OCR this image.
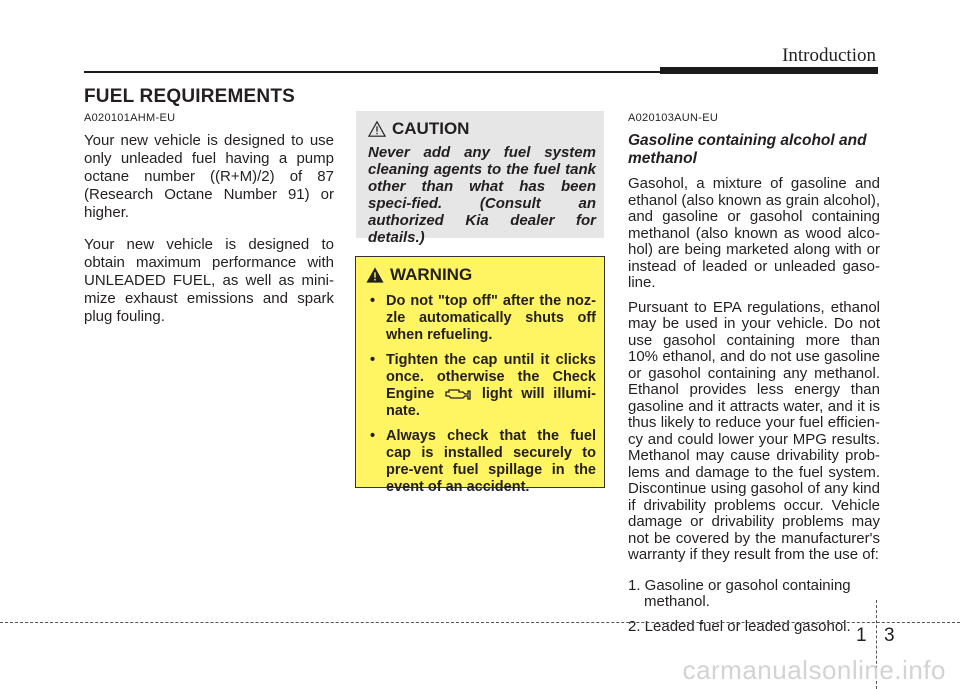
Introduction
FUEL REQUIREMENTS
A020101AHM-EU

Your new vehicle is designed to use only unleaded fuel having a pump octane number ((R+M)/2) of 87 (Research Octane Number 91) or higher.

Your new vehicle is designed to obtain maximum performance with UNLEADED FUEL, as well as mini-mize exhaust emissions and spark plug fouling.

CAUTION
Never add any fuel system cleaning agents to the fuel tank other than what has been speci-fied. (Consult an authorized Kia dealer for details.)
WARNING
• Do not "top off" after the noz-zle automatically shuts off when refueling.
• Tighten the cap until it clicks once. otherwise the Check Engine	light will illumi-nate.
• Always check that the fuel cap is installed securely to pre-vent fuel spillage in the event of an accident.
A020103AUN-EU
Gasoline containing alcohol and methanol

Gasohol, a mixture of gasoline and ethanol (also known as grain alcohol), and gasoline or gasohol containing methanol (also known as wood alco-hol) are being marketed along with or instead of leaded or unleaded gaso-line.

Pursuant to EPA regulations, ethanol may be used in your vehicle. Do not use gasohol containing more than 10% ethanol, and do not use gasoline or gasohol containing any methanol. Ethanol provides less energy than gasoline and it attracts water, and it is thus likely to reduce your fuel efficien-cy and could lower your MPG results. Methanol may cause drivability prob-lems and damage to the fuel system. Discontinue using gasohol of any kind if drivability problems occur. Vehicle damage or drivability problems may not be covered by the manufacturer's warranty if they result from the use of:

1. Gasoline or gasohol containing methanol.
2. Leaded fuel or leaded gasohol. 1 3
carmanualsonline.info
